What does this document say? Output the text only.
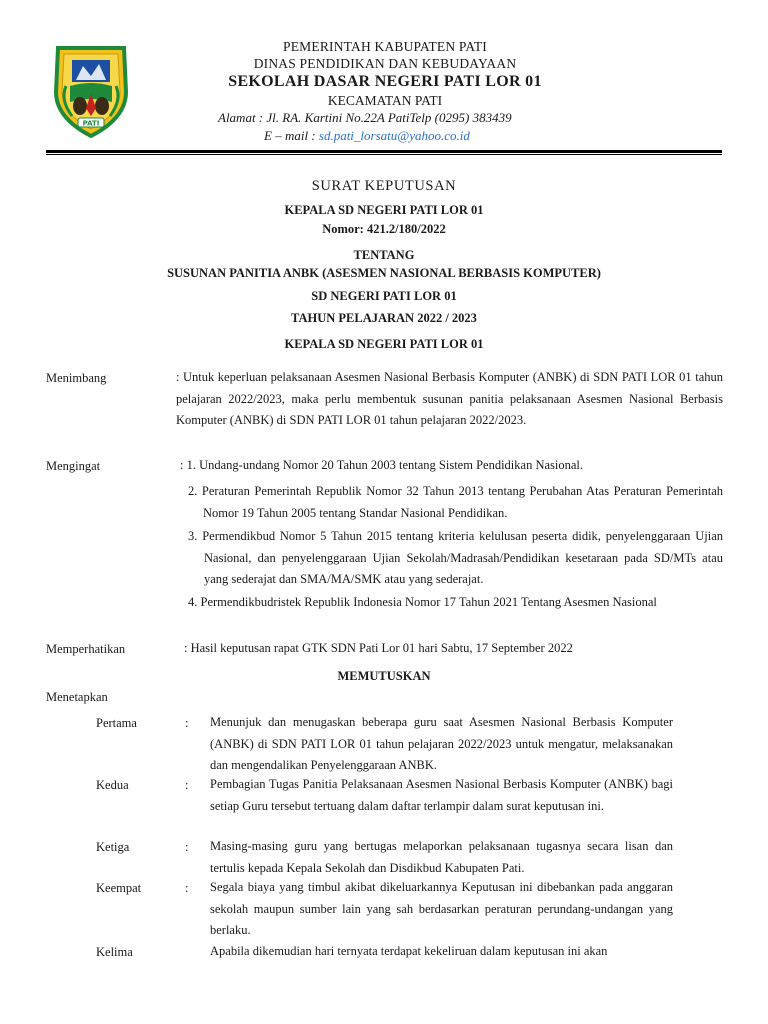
PATI
PEMERINTAH KABUPATEN PATI
DINAS PENDIDIKAN DAN KEBUDAYAAN
SEKOLAH DASAR NEGERI PATI LOR 01
KECAMATAN PATI
Alamat : Jl. RA. Kartini No.22A PatiTelp (0295) 383439
E – mail : sd.pati_lorsatu@yahoo.co.id
SURAT KEPUTUSAN
KEPALA SD NEGERI PATI LOR 01
Nomor: 421.2/180/2022
TENTANG
SUSUNAN PANITIA ANBK (ASESMEN NASIONAL BERBASIS KOMPUTER)
SD NEGERI PATI LOR 01
TAHUN PELAJARAN 2022 / 2023
KEPALA SD NEGERI PATI LOR 01
Menimbang	: Untuk keperluan pelaksanaan Asesmen Nasional Berbasis Komputer (ANBK) di SDN PATI LOR 01 tahun pelajaran 2022/2023, maka perlu membentuk susunan panitia pelaksanaan Asesmen Nasional Berbasis Komputer (ANBK) di SDN PATI LOR 01 tahun pelajaran 2022/2023.
Mengingat	: 1. Undang-undang Nomor 20 Tahun 2003 tentang Sistem Pendidikan Nasional.
2. Peraturan Pemerintah Republik Nomor 32 Tahun 2013 tentang Perubahan Atas Peraturan Pemerintah Nomor 19 Tahun 2005 tentang Standar Nasional Pendidikan.
3. Permendikbud Nomor 5 Tahun 2015 tentang kriteria kelulusan peserta didik, penyelenggaraan Ujian Nasional, dan penyelenggaraan Ujian Sekolah/Madrasah/Pendidikan kesetaraan pada SD/MTs atau yang sederajat dan SMA/MA/SMK atau yang sederajat.
4. Permendikbudristek Republik Indonesia Nomor 17 Tahun 2021 Tentang Asesmen Nasional
Memperhatikan	: Hasil keputusan rapat GTK SDN Pati Lor 01 hari Sabtu, 17 September 2022
MEMUTUSKAN
Menetapkan
Pertama	: Menunjuk dan menugaskan beberapa guru saat Asesmen Nasional Berbasis Komputer (ANBK) di SDN PATI LOR 01 tahun pelajaran 2022/2023 untuk mengatur, melaksanakan dan mengendalikan Penyelenggaraan ANBK.
Kedua	: Pembagian Tugas Panitia Pelaksanaan Asesmen Nasional Berbasis Komputer (ANBK) bagi setiap Guru tersebut tertuang dalam daftar terlampir dalam surat keputusan ini.
Ketiga	: Masing-masing guru yang bertugas melaporkan pelaksanaan tugasnya secara lisan dan tertulis kepada Kepala Sekolah dan Disdikbud Kabupaten Pati.
Keempat	: Segala biaya yang timbul akibat dikeluarkannya Keputusan ini dibebankan pada anggaran sekolah maupun sumber lain yang sah berdasarkan peraturan perundang-undangan yang berlaku.
Kelima	Apabila dikemudian hari ternyata terdapat kekeliruan dalam keputusan ini akan
